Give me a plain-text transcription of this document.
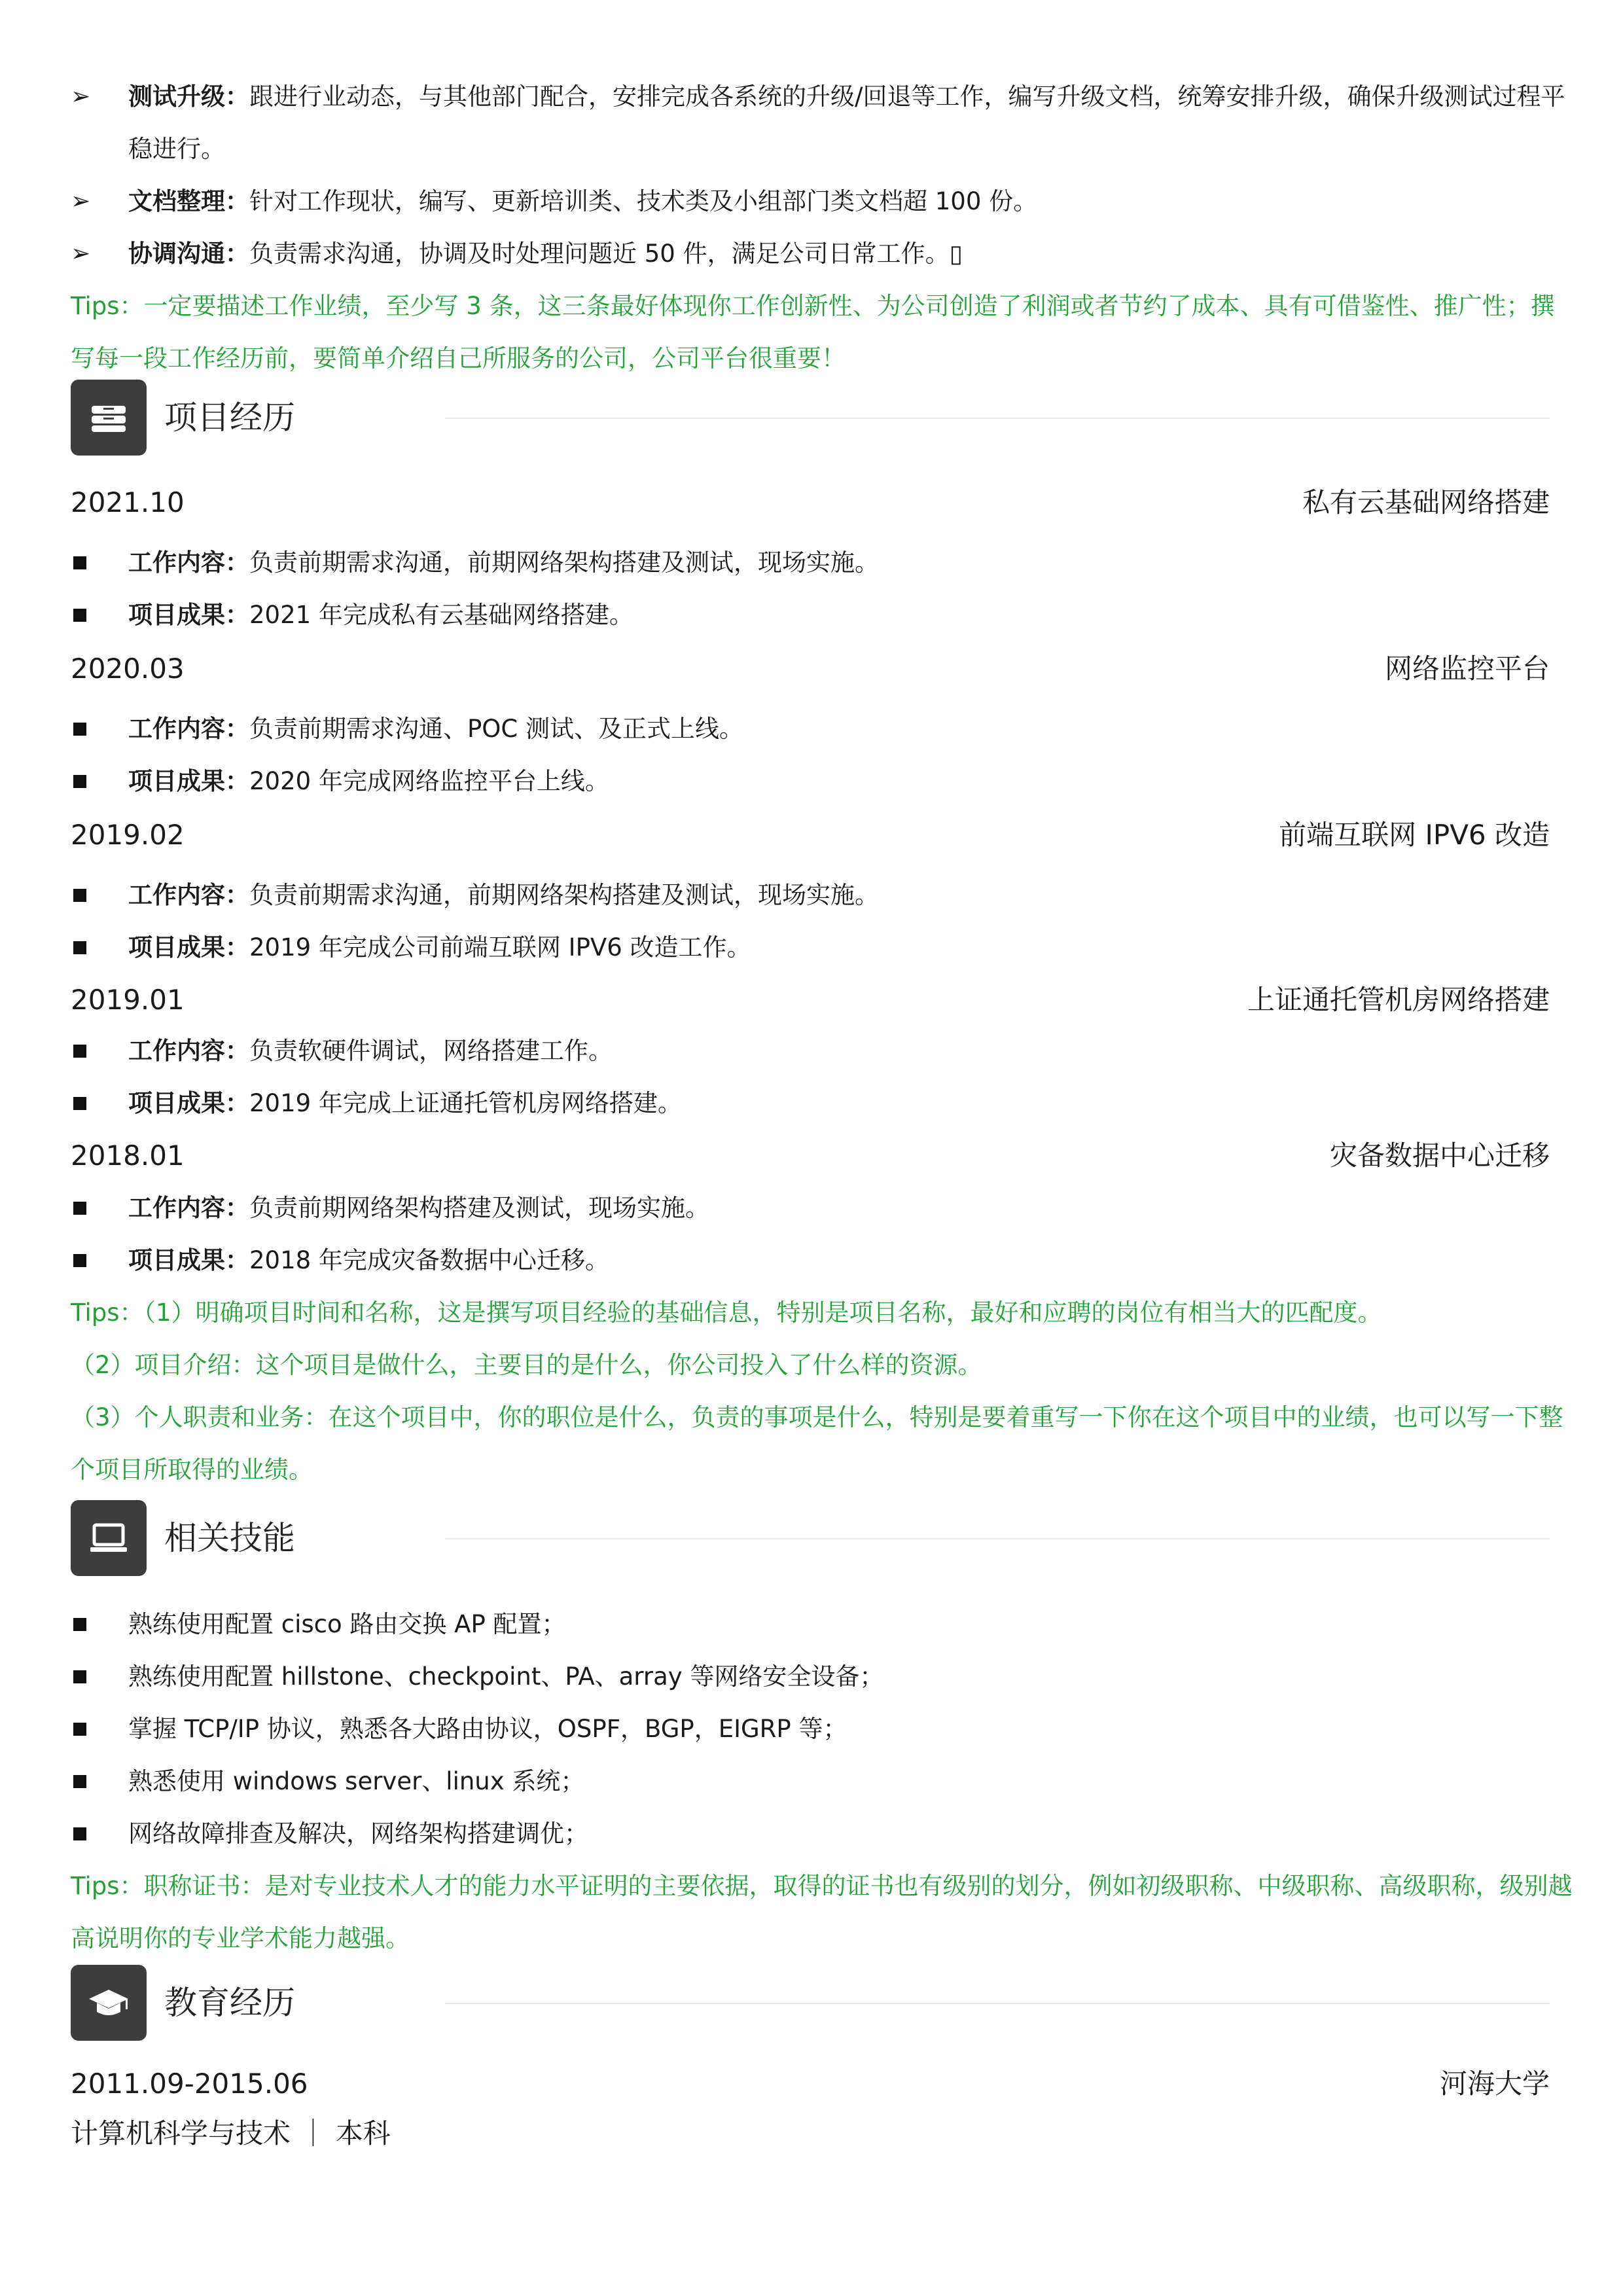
➢ 测试升级：跟进行业动态，与其他部门配合，安排完成各系统的升级/回退等工作，编写升级文档，统筹安排升级，确保升级测试过程平稳进行。
➢ 文档整理：针对工作现状，编写、更新培训类、技术类及小组部门类文档超 100 份。
➢ 协调沟通：负责需求沟通，协调及时处理问题近 50 件，满足公司日常工作。▯
Tips：一定要描述工作业绩，至少写 3 条，这三条最好体现你工作创新性、为公司创造了利润或者节约了成本、具有可借鉴性、推广性；撰写每一段工作经历前，要简单介绍自己所服务的公司，公司平台很重要！
项目经历
2021.10	私有云基础网络搭建
工作内容：负责前期需求沟通，前期网络架构搭建及测试，现场实施。
项目成果：2021 年完成私有云基础网络搭建。
2020.03	网络监控平台
工作内容：负责前期需求沟通、POC 测试、及正式上线。
项目成果：2020 年完成网络监控平台上线。
2019.02	前端互联网 IPV6 改造
工作内容：负责前期需求沟通，前期网络架构搭建及测试，现场实施。
项目成果：2019 年完成公司前端互联网 IPV6 改造工作。
2019.01	上证通托管机房网络搭建
工作内容：负责软硬件调试，网络搭建工作。
项目成果：2019 年完成上证通托管机房网络搭建。
2018.01	灾备数据中心迁移
工作内容：负责前期网络架构搭建及测试，现场实施。
项目成果：2018 年完成灾备数据中心迁移。
Tips：（1）明确项目时间和名称，这是撰写项目经验的基础信息，特别是项目名称，最好和应聘的岗位有相当大的匹配度。
（2）项目介绍：这个项目是做什么，主要目的是什么，你公司投入了什么样的资源。
（3）个人职责和业务：在这个项目中，你的职位是什么，负责的事项是什么，特别是要着重写一下你在这个项目中的业绩，也可以写一下整个项目所取得的业绩。
相关技能
熟练使用配置 cisco 路由交换 AP 配置；
熟练使用配置 hillstone、checkpoint、PA、array 等网络安全设备；
掌握 TCP/IP 协议，熟悉各大路由协议，OSPF，BGP，EIGRP 等；
熟悉使用 windows server、linux 系统；
网络故障排查及解决，网络架构搭建调优；
Tips：职称证书：是对专业技术人才的能力水平证明的主要依据，取得的证书也有级别的划分，例如初级职称、中级职称、高级职称，级别越高说明你的专业学术能力越强。
教育经历
2011.09-2015.06	河海大学
计算机科学与技术 ｜ 本科
